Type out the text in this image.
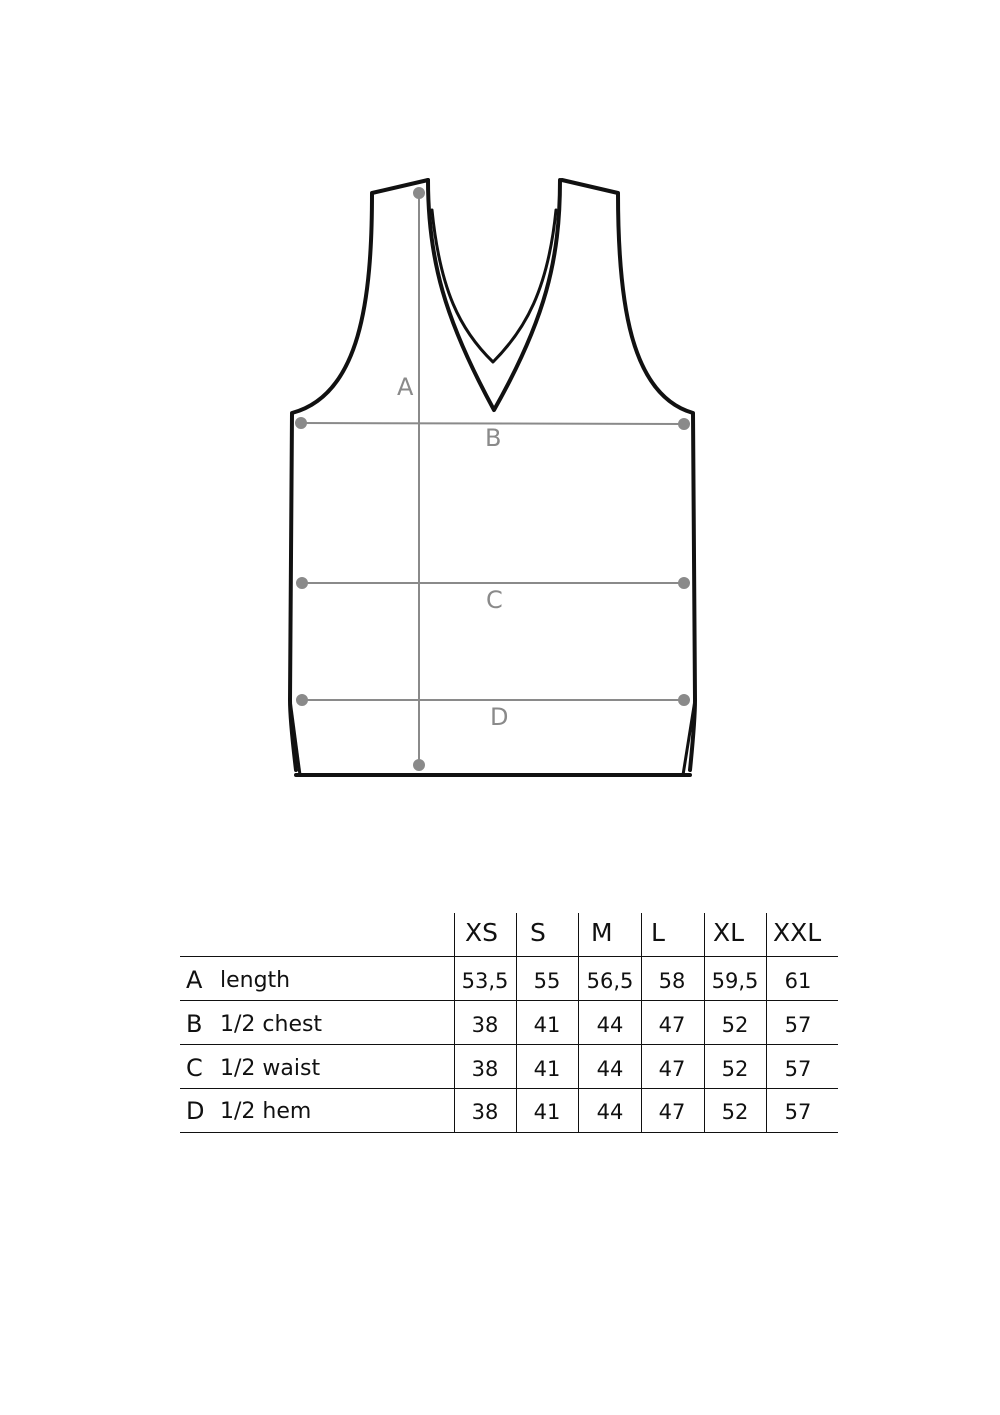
A
B
C
D
XS S M L XL XXL
A length	53,5	55	56,5	58	59,5	61
B 1/2 chest	38	41	44	47	52	57
C 1/2 waist	38	41	44	47	52	57
D 1/2 hem	38	41	44	47	52	57
